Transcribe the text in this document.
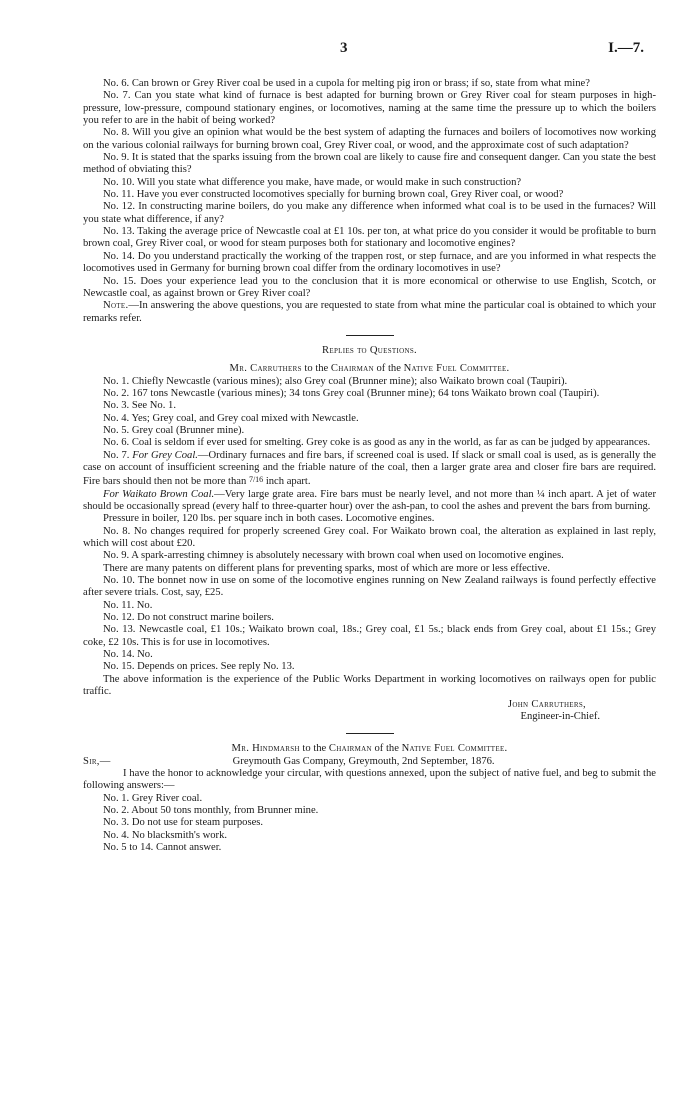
3	I.—7.

No. 6. Can brown or Grey River coal be used in a cupola for melting pig iron or brass; if so, state from what mine?

No. 7. Can you state what kind of furnace is best adapted for burning brown or Grey River coal for steam purposes in high-pressure, low-pressure, compound stationary engines, or locomotives, naming at the same time the pressure up to which the boilers you refer to are in the habit of being worked?

No. 8. Will you give an opinion what would be the best system of adapting the furnaces and boilers of locomotives now working on the various colonial railways for burning brown coal, Grey River coal, or wood, and the approximate cost of such adaptation?

No. 9. It is stated that the sparks issuing from the brown coal are likely to cause fire and consequent danger. Can you state the best method of obviating this?

No. 10. Will you state what difference you make, have made, or would make in such construction?

No. 11. Have you ever constructed locomotives specially for burning brown coal, Grey River coal, or wood?

No. 12. In constructing marine boilers, do you make any difference when informed what coal is to be used in the furnaces? Will you state what difference, if any?

No. 13. Taking the average price of Newcastle coal at £1 10s. per ton, at what price do you consider it would be profitable to burn brown coal, Grey River coal, or wood for steam purposes both for stationary and locomotive engines?

No. 14. Do you understand practically the working of the trappen rost, or step furnace, and are you informed in what respects the locomotives used in Germany for burning brown coal differ from the ordinary locomotives in use?

No. 15. Does your experience lead you to the conclusion that it is more economical or otherwise to use English, Scotch, or Newcastle coal, as against brown or Grey River coal?

Note.—In answering the above questions, you are requested to state from what mine the particular coal is obtained to which your remarks refer.

Replies to Questions.

Mr. Carruthers to the Chairman of the Native Fuel Committee.

No. 1. Chiefly Newcastle (various mines); also Grey coal (Brunner mine); also Waikato brown coal (Taupiri).

No. 2. 167 tons Newcastle (various mines); 34 tons Grey coal (Brunner mine); 64 tons Waikato brown coal (Taupiri).

No. 3. See No. 1.

No. 4. Yes; Grey coal, and Grey coal mixed with Newcastle.

No. 5. Grey coal (Brunner mine).

No. 6. Coal is seldom if ever used for smelting. Grey coke is as good as any in the world, as far as can be judged by appearances.

No. 7. For Grey Coal.—Ordinary furnaces and fire bars, if screened coal is used. If slack or small coal is used, as is generally the case on account of insufficient screening and the friable nature of the coal, then a larger grate area and closer fire bars are required. Fire bars should then not be more than 7/16 inch apart.

For Waikato Brown Coal.—Very large grate area. Fire bars must be nearly level, and not more than ¼ inch apart. A jet of water should be occasionally spread (every half to three-quarter hour) over the ash-pan, to cool the ashes and prevent the bars from burning.

Pressure in boiler, 120 lbs. per square inch in both cases. Locomotive engines.

No. 8. No changes required for properly screened Grey coal. For Waikato brown coal, the alteration as explained in last reply, which will cost about £20.

No. 9. A spark-arresting chimney is absolutely necessary with brown coal when used on locomotive engines.

There are many patents on different plans for preventing sparks, most of which are more or less effective.

No. 10. The bonnet now in use on some of the locomotive engines running on New Zealand railways is found perfectly effective after severe trials. Cost, say, £25.

No. 11. No.

No. 12. Do not construct marine boilers.

No. 13. Newcastle coal, £1 10s.; Waikato brown coal, 18s.; Grey coal, £1 5s.; black ends from Grey coal, about £1 15s.; Grey coke, £2 10s. This is for use in locomotives.

No. 14. No.

No. 15. Depends on prices. See reply No. 13.

The above information is the experience of the Public Works Department in working locomotives on railways open for public traffic.

John Carruthers,

Engineer-in-Chief.

Mr. Hindmarsh to the Chairman of the Native Fuel Committee.

Sir,—	Greymouth Gas Company, Greymouth, 2nd September, 1876.

I have the honor to acknowledge your circular, with questions annexed, upon the subject of native fuel, and beg to submit the following answers:—

No. 1. Grey River coal.

No. 2. About 50 tons monthly, from Brunner mine.

No. 3. Do not use for steam purposes.

No. 4. No blacksmith's work.

No. 5 to 14. Cannot answer.
